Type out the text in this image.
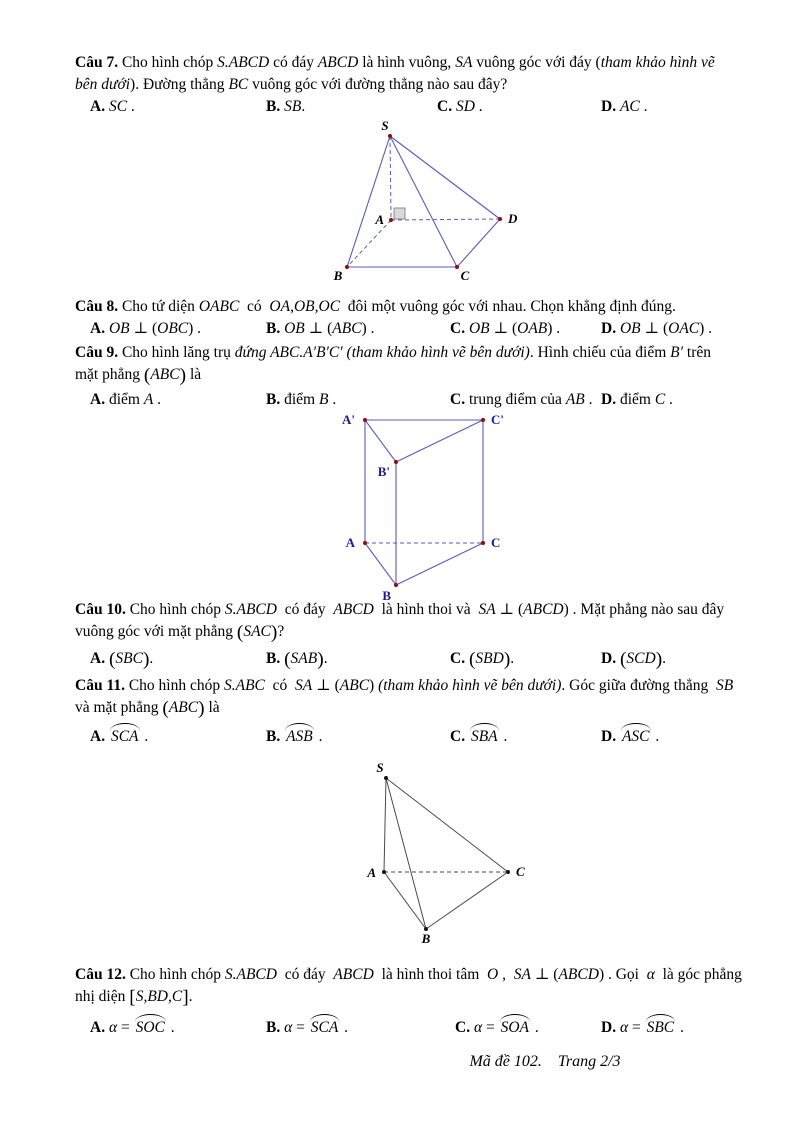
Câu 7. Cho hình chóp S.ABCD có đáy ABCD là hình vuông, SA vuông góc với đáy (tham khảo hình vẽ
bên dưới). Đường thẳng BC vuông góc với đường thẳng nào sau đây?
A. SC .	B. SB.	C. SD .	D. AC .
S
A	D
B	C
Câu 8. Cho tứ diện OABC  có  OA,OB,OC  đôi một vuông góc với nhau. Chọn khẳng định đúng.
A. OB ⊥ (OBC) .	B. OB ⊥ (ABC) .	C. OB ⊥ (OAB) .	D. OB ⊥ (OAC) .
Câu 9. Cho hình lăng trụ đứng ABC.A′B′C′ (tham khảo hình vẽ bên dưới). Hình chiếu của điểm B′ trên
mặt phẳng (ABC) là
A. điểm A .	B. điểm B .	C. trung điểm của AB . D. điểm C .
A'	C'
B'
A	C
B
Câu 10. Cho hình chóp S.ABCD  có đáy  ABCD  là hình thoi và  SA ⊥ (ABCD) . Mặt phẳng nào sau đây
vuông góc với mặt phẳng (SAC)?
A. (SBC).	B. (SAB).	C. (SBD).	D. (SCD).
Câu 11. Cho hình chóp S.ABC  có  SA ⊥ (ABC) (tham khảo hình vẽ bên dưới). Góc giữa đường thẳng  SB
và mặt phẳng (ABC) là
A. SCA .	B. ASB .	C. SBA .	D. ASC .
S
A	C
B
Câu 12. Cho hình chóp S.ABCD  có đáy  ABCD  là hình thoi tâm  O ,  SA ⊥ (ABCD) . Gọi  α  là góc phẳng
nhị diện [S,BD,C].
A. α = SOC .	B. α = SCA .	C. α = SOA .	D. α = SBC .
Mã đề 102.    Trang 2/3
